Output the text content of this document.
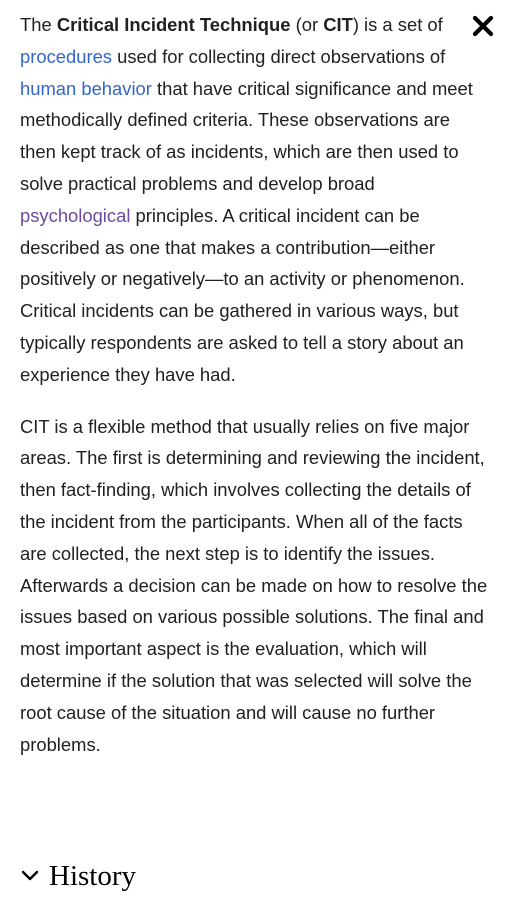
The Critical Incident Technique (or CIT) is a set of procedures used for collecting direct observations of human behavior that have critical significance and meet methodically defined criteria. These observations are then kept track of as incidents, which are then used to solve practical problems and develop broad psychological principles. A critical incident can be described as one that makes a contribution—either positively or negatively—to an activity or phenomenon. Critical incidents can be gathered in various ways, but typically respondents are asked to tell a story about an experience they have had.

CIT is a flexible method that usually relies on five major areas. The first is determining and reviewing the incident, then fact-finding, which involves collecting the details of the incident from the participants. When all of the facts are collected, the next step is to identify the issues. Afterwards a decision can be made on how to resolve the issues based on various possible solutions. The final and most important aspect is the evaluation, which will determine if the solution that was selected will solve the root cause of the situation and will cause no further problems.

History
